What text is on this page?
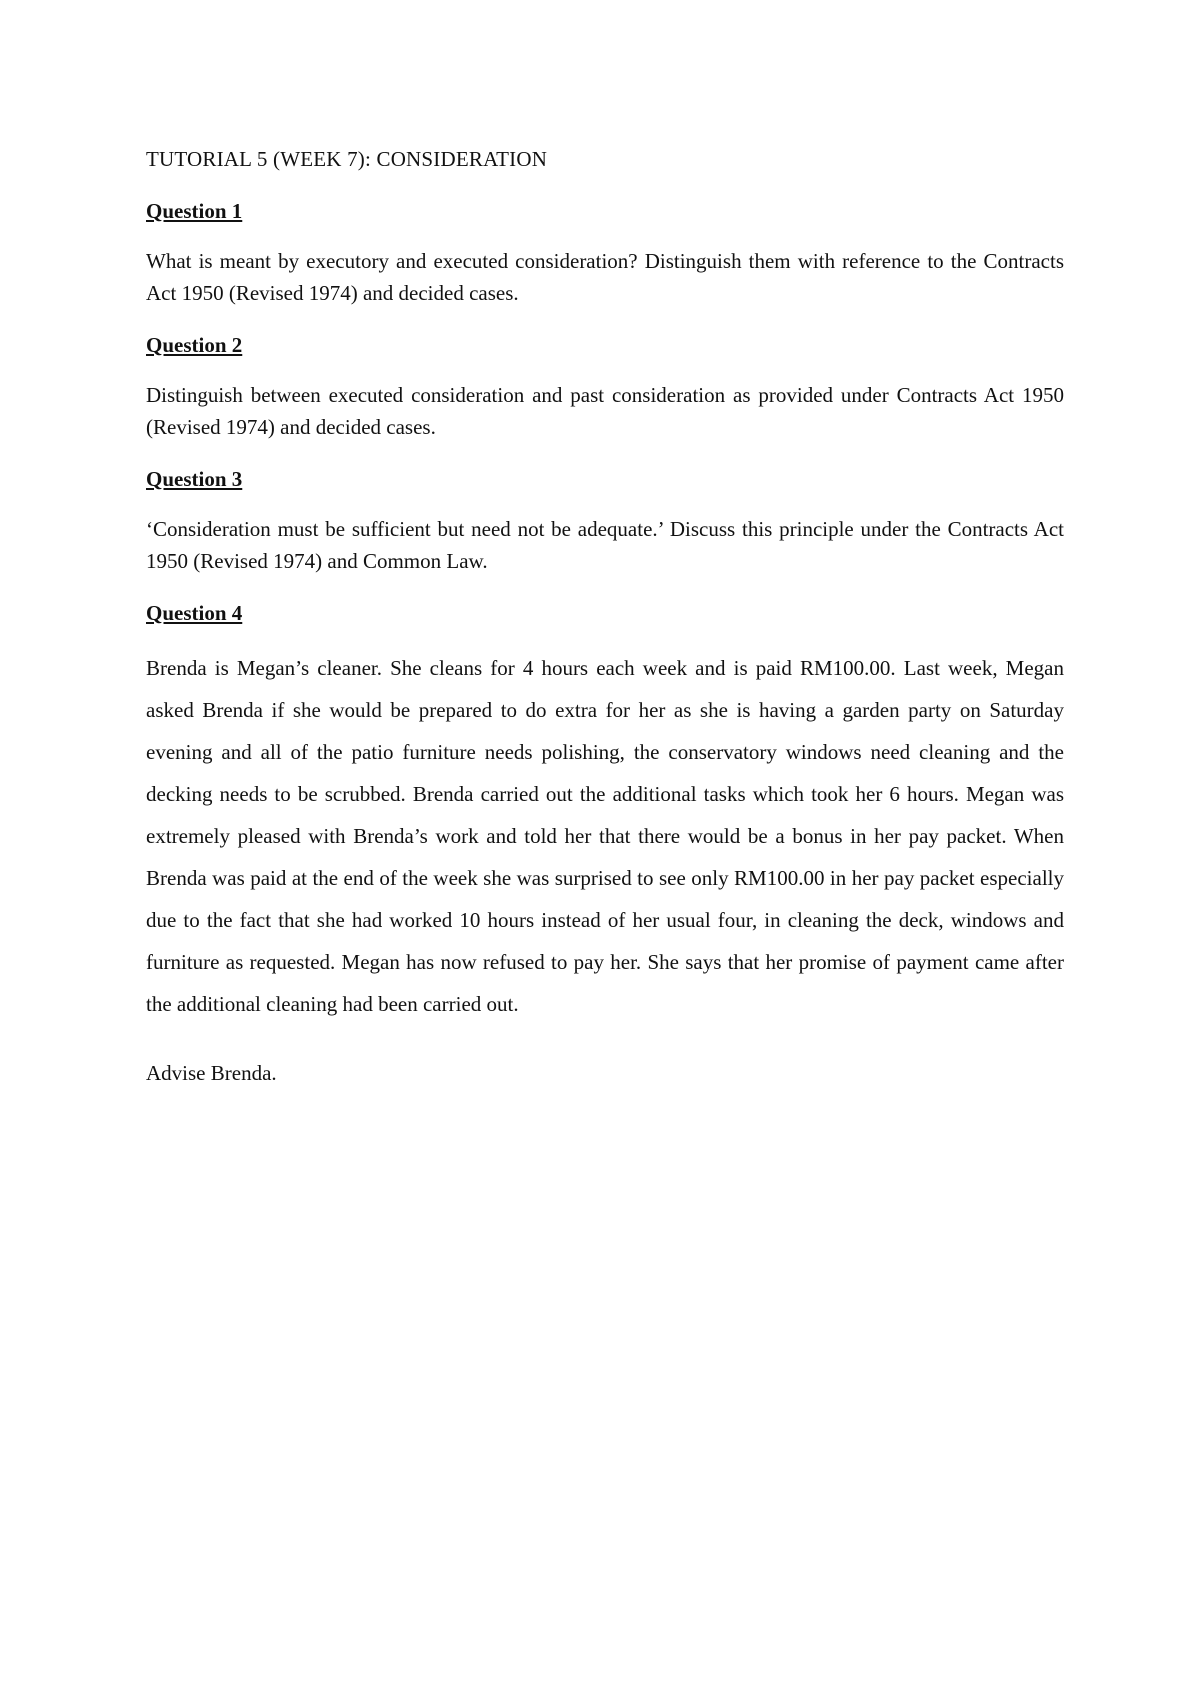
TUTORIAL 5 (WEEK 7): CONSIDERATION
Question 1
What is meant by executory and executed consideration? Distinguish them with reference to the Contracts Act 1950 (Revised 1974) and decided cases.
Question 2
Distinguish between executed consideration and past consideration as provided under Contracts Act 1950 (Revised 1974) and decided cases.
Question 3
‘Consideration must be sufficient but need not be adequate.’ Discuss this principle under the Contracts Act 1950 (Revised 1974) and Common Law.
Question 4
Brenda is Megan’s cleaner. She cleans for 4 hours each week and is paid RM100.00. Last week, Megan asked Brenda if she would be prepared to do extra for her as she is having a garden party on Saturday evening and all of the patio furniture needs polishing, the conservatory windows need cleaning and the decking needs to be scrubbed. Brenda carried out the additional tasks which took her 6 hours. Megan was extremely pleased with Brenda’s work and told her that there would be a bonus in her pay packet. When Brenda was paid at the end of the week she was surprised to see only RM100.00 in her pay packet especially due to the fact that she had worked 10 hours instead of her usual four, in cleaning the deck, windows and furniture as requested. Megan has now refused to pay her. She says that her promise of payment came after the additional cleaning had been carried out.
Advise Brenda.
